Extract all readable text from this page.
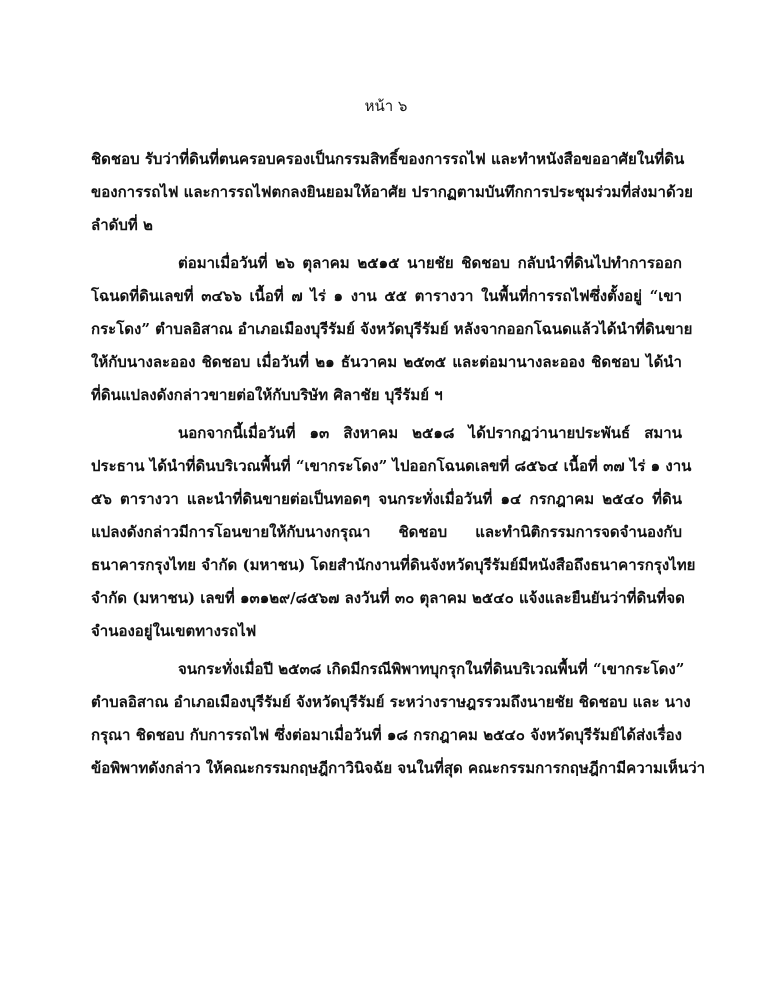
หน้า ๖

ชิดชอบ รับว่าที่ดินที่ตนครอบครองเป็นกรรมสิทธิ์ของการรถไฟ และทำหนังสือขออาศัยในที่ดิน
ของการรถไฟ และการรถไฟตกลงยินยอมให้อาศัย ปรากฏตามบันทึกการประชุมร่วมที่ส่งมาด้วย
ลำดับที่ ๒

ต่อมาเมื่อวันที่ ๒๖ ตุลาคม ๒๕๑๕ นายชัย ชิดชอบ กลับนำที่ดินไปทำการออก
โฉนดที่ดินเลขที่ ๓๔๖๖ เนื้อที่ ๗ ไร่ ๑ งาน ๕๕ ตารางวา ในพื้นที่การรถไฟซึ่งตั้งอยู่ “เขา
กระโดง” ตำบลอิสาณ อำเภอเมืองบุรีรัมย์ จังหวัดบุรีรัมย์ หลังจากออกโฉนดแล้วได้นำที่ดินขาย
ให้กับนางละออง ชิดชอบ เมื่อวันที่ ๒๑ ธันวาคม ๒๕๓๕ และต่อมานางละออง ชิดชอบ ได้นำ
ที่ดินแปลงดังกล่าวขายต่อให้กับบริษัท ศิลาชัย บุรีรัมย์ ฯ

นอกจากนี้เมื่อวันที่ ๑๓ สิงหาคม ๒๕๑๘ ได้ปรากฏว่านายประพันธ์ สมาน
ประธาน ได้นำที่ดินบริเวณพื้นที่ “เขากระโดง” ไปออกโฉนดเลขที่ ๘๕๖๔ เนื้อที่ ๓๗ ไร่ ๑ งาน
๕๖ ตารางวา และนำที่ดินขายต่อเป็นทอดๆ จนกระทั่งเมื่อวันที่ ๑๔ กรกฎาคม ๒๕๔๐ ที่ดิน
แปลงดังกล่าวมีการโอนขายให้กับนางกรุณา ชิดชอบ และทำนิติกรรมการจดจำนองกับ
ธนาคารกรุงไทย จำกัด (มหาชน) โดยสำนักงานที่ดินจังหวัดบุรีรัมย์มีหนังสือถึงธนาคารกรุงไทย
จำกัด (มหาชน) เลขที่ ๑๓๑๒๙/๘๕๖๗ ลงวันที่ ๓๐ ตุลาคม ๒๕๔๐ แจ้งและยืนยันว่าที่ดินที่จด
จำนองอยู่ในเขตทางรถไฟ

จนกระทั่งเมื่อปี ๒๕๓๘ เกิดมีกรณีพิพาทบุกรุกในที่ดินบริเวณพื้นที่ “เขากระโดง”
ตำบลอิสาณ อำเภอเมืองบุรีรัมย์ จังหวัดบุรีรัมย์ ระหว่างราษฎรรวมถึงนายชัย ชิดชอบ และ นาง
กรุณา ชิดชอบ กับการรถไฟ ซึ่งต่อมาเมื่อวันที่ ๑๘ กรกฎาคม ๒๕๔๐ จังหวัดบุรีรัมย์ได้ส่งเรื่อง
ข้อพิพาทดังกล่าว ให้คณะกรรมกฤษฎีกาวินิจฉัย จนในที่สุด คณะกรรมการกฤษฎีกามีความเห็นว่า
